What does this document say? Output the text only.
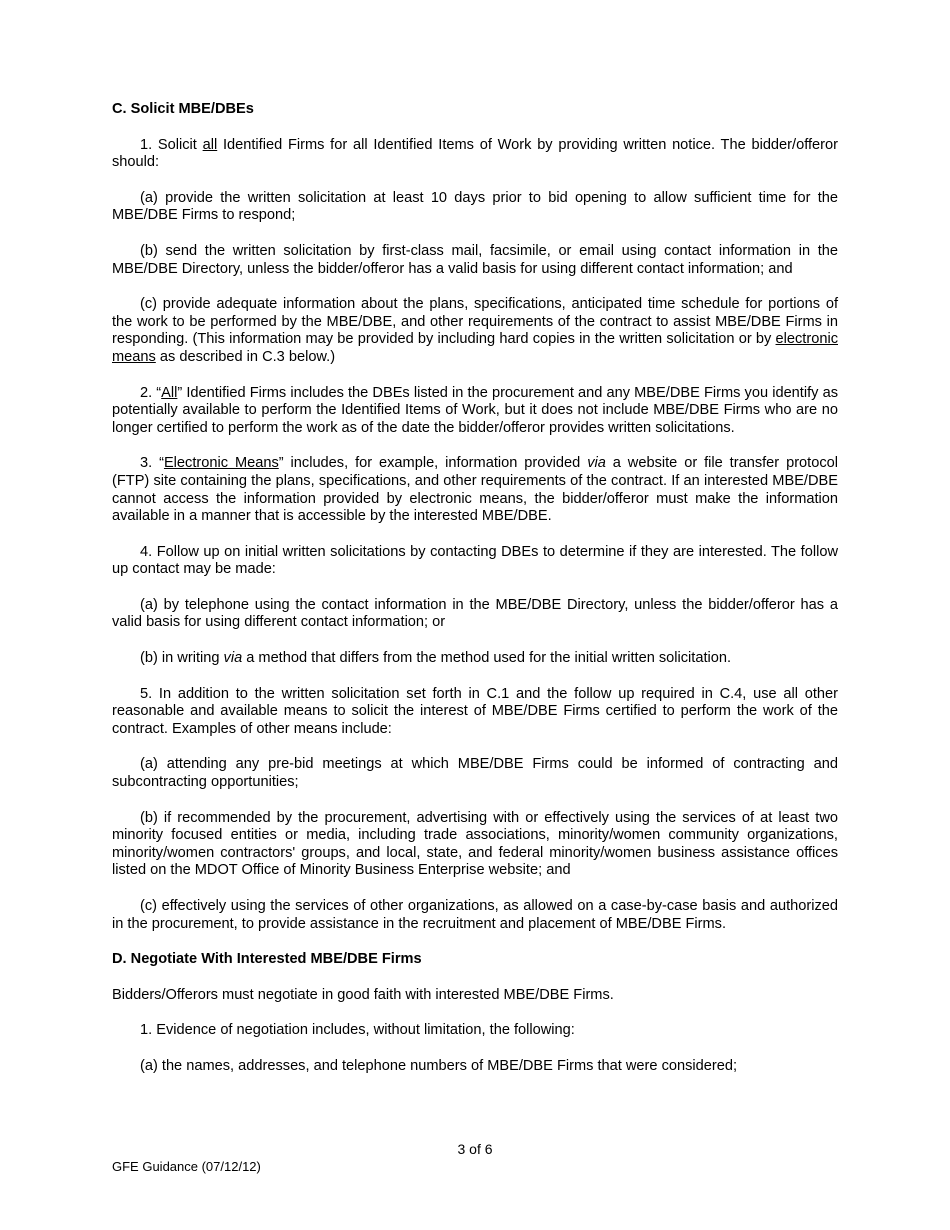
C. Solicit MBE/DBEs

1. Solicit all Identified Firms for all Identified Items of Work by providing written notice. The bidder/offeror should:

(a) provide the written solicitation at least 10 days prior to bid opening to allow sufficient time for the MBE/DBE Firms to respond;

(b) send the written solicitation by first-class mail, facsimile, or email using contact information in the MBE/DBE Directory, unless the bidder/offeror has a valid basis for using different contact information; and

(c) provide adequate information about the plans, specifications, anticipated time schedule for portions of the work to be performed by the MBE/DBE, and other requirements of the contract to assist MBE/DBE Firms in responding. (This information may be provided by including hard copies in the written solicitation or by electronic means as described in C.3 below.)

2. “All” Identified Firms includes the DBEs listed in the procurement and any MBE/DBE Firms you identify as potentially available to perform the Identified Items of Work, but it does not include MBE/DBE Firms who are no longer certified to perform the work as of the date the bidder/offeror provides written solicitations.

3. “Electronic Means” includes, for example, information provided via a website or file transfer protocol (FTP) site containing the plans, specifications, and other requirements of the contract. If an interested MBE/DBE cannot access the information provided by electronic means, the bidder/offeror must make the information available in a manner that is accessible by the interested MBE/DBE.

4. Follow up on initial written solicitations by contacting DBEs to determine if they are interested. The follow up contact may be made:

(a) by telephone using the contact information in the MBE/DBE Directory, unless the bidder/offeror has a valid basis for using different contact information; or

(b) in writing via a method that differs from the method used for the initial written solicitation.

5. In addition to the written solicitation set forth in C.1 and the follow up required in C.4, use all other reasonable and available means to solicit the interest of MBE/DBE Firms certified to perform the work of the contract. Examples of other means include:

(a) attending any pre-bid meetings at which MBE/DBE Firms could be informed of contracting and subcontracting opportunities;

(b) if recommended by the procurement, advertising with or effectively using the services of at least two minority focused entities or media, including trade associations, minority/women community organizations, minority/women contractors' groups, and local, state, and federal minority/women business assistance offices listed on the MDOT Office of Minority Business Enterprise website; and

(c) effectively using the services of other organizations, as allowed on a case-by-case basis and authorized in the procurement, to provide assistance in the recruitment and placement of MBE/DBE Firms.

D. Negotiate With Interested MBE/DBE Firms

Bidders/Offerors must negotiate in good faith with interested MBE/DBE Firms.

1. Evidence of negotiation includes, without limitation, the following:

(a) the names, addresses, and telephone numbers of MBE/DBE Firms that were considered;

3 of 6
GFE Guidance (07/12/12)
